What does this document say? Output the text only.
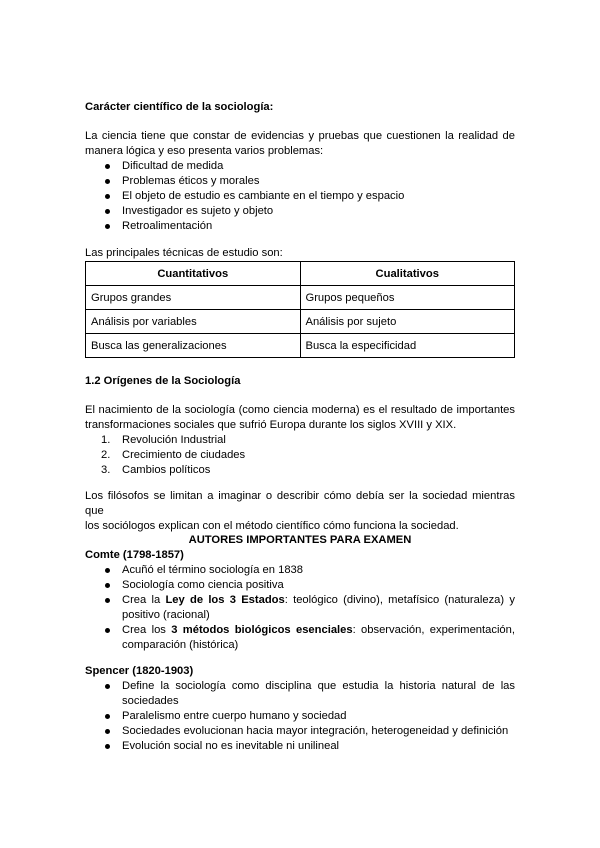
Carácter científico de la sociología:

La ciencia tiene que constar de evidencias y pruebas que cuestionen la realidad de

manera lógica y eso presenta varios problemas:

Dificultad de medida
Problemas éticos y morales
El objeto de estudio es cambiante en el tiempo y espacio
Investigador es sujeto y objeto
Retroalimentación

Las principales técnicas de estudio son:

Cuantitativos	Cualitativos
Grupos grandes	Grupos pequeños
Análisis por variables	Análisis por sujeto
Busca las generalizaciones	Busca la especificidad

1.2 Orígenes de la Sociología

El nacimiento de la sociología (como ciencia moderna) es el resultado de importantes

transformaciones sociales que sufrió Europa durante los siglos XVIII y XIX.

1. Revolución Industrial
2. Crecimiento de ciudades
3. Cambios políticos

Los filósofos se limitan a imaginar o describir cómo debía ser la sociedad mientras que

los sociólogos explican con el método científico cómo funciona la sociedad.

AUTORES IMPORTANTES PARA EXAMEN

Comte (1798-1857)

Acuñó el término sociología en 1838
Sociología como ciencia positiva
Crea la Ley de los 3 Estados: teológico (divino), metafísico (naturaleza) y
positivo (racional)
Crea los 3 métodos biológicos esenciales: observación, experimentación,
comparación (histórica)

Spencer (1820-1903)

Define la sociología como disciplina que estudia la historia natural de las
sociedades
Paralelismo entre cuerpo humano y sociedad
Sociedades evolucionan hacia mayor integración, heterogeneidad y definición
Evolución social no es inevitable ni unilineal
